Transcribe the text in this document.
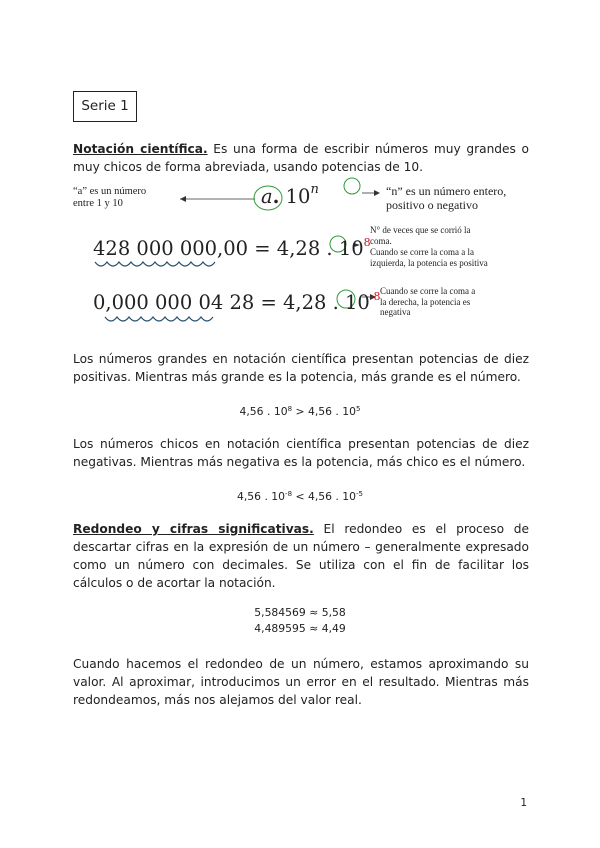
Serie 1

Notación científica. Es una forma de escribir números muy grandes o muy chicos de forma abreviada, usando potencias de 10.

“a” es un número
entre 1 y 10	a. 10$^n$	“n” es un número entero,
positivo o negativo
428 000 000,00 = 4,28 . $10^8$
N° de veces que se corrió la
coma.
Cuando se corre la coma a la
izquierda, la potencia es positiva
0,000 000 04 28 = 4,28 . $10^{-8}$ Cuando se corre la coma a
la derecha, la potencia es
negativa

Los números grandes en notación científica presentan potencias de diez positivas. Mientras más grande es la potencia, más grande es el número.

4,56 . $10^8 > 4,56$ . $10^5$

Los números chicos en notación científica presentan potencias de diez negativas. Mientras más negativa es la potencia, más chico es el número.

4,56 . $10^{-8} < 4,56$ . $10^{-5}$

Redondeo y cifras significativas. El redondeo es el proceso de descartar cifras en la expresión de un número – generalmente expresado como un número con decimales. Se utiliza con el fin de facilitar los cálculos o de acortar la notación.

5,584569 ≈ 5,58
4,489595 ≈ 4,49

Cuando hacemos el redondeo de un número, estamos aproximando su valor. Al aproximar, introducimos un error en el resultado. Mientras más redondeamos, más nos alejamos del valor real.

1
